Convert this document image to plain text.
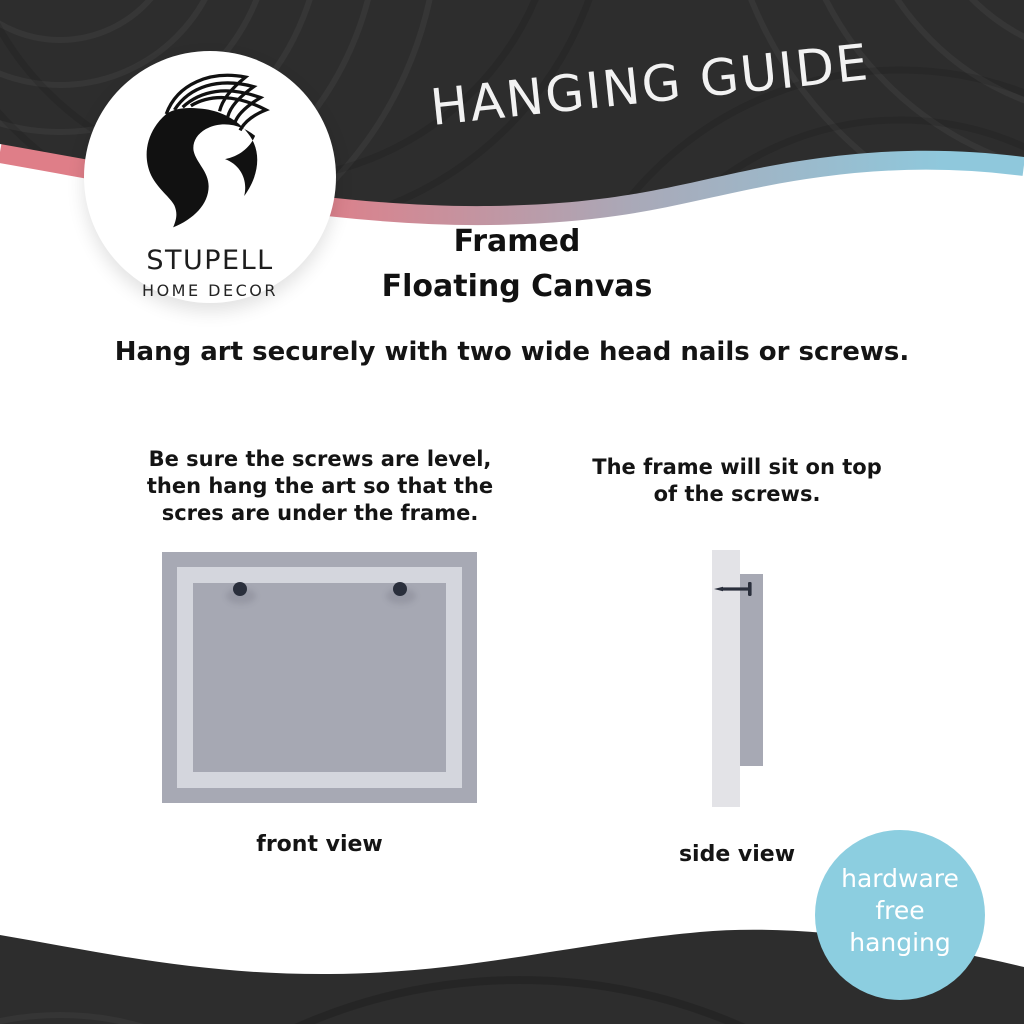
HANGING GUIDE
STUPELL
HOME DECOR
Framed
Floating Canvas
Hang art securely with two wide head nails or screws.
Be sure the screws are level,
then hang the art so that the
scres are under the frame.
front view
The frame will sit on top
of the screws.
side view
hardware
free
hanging
